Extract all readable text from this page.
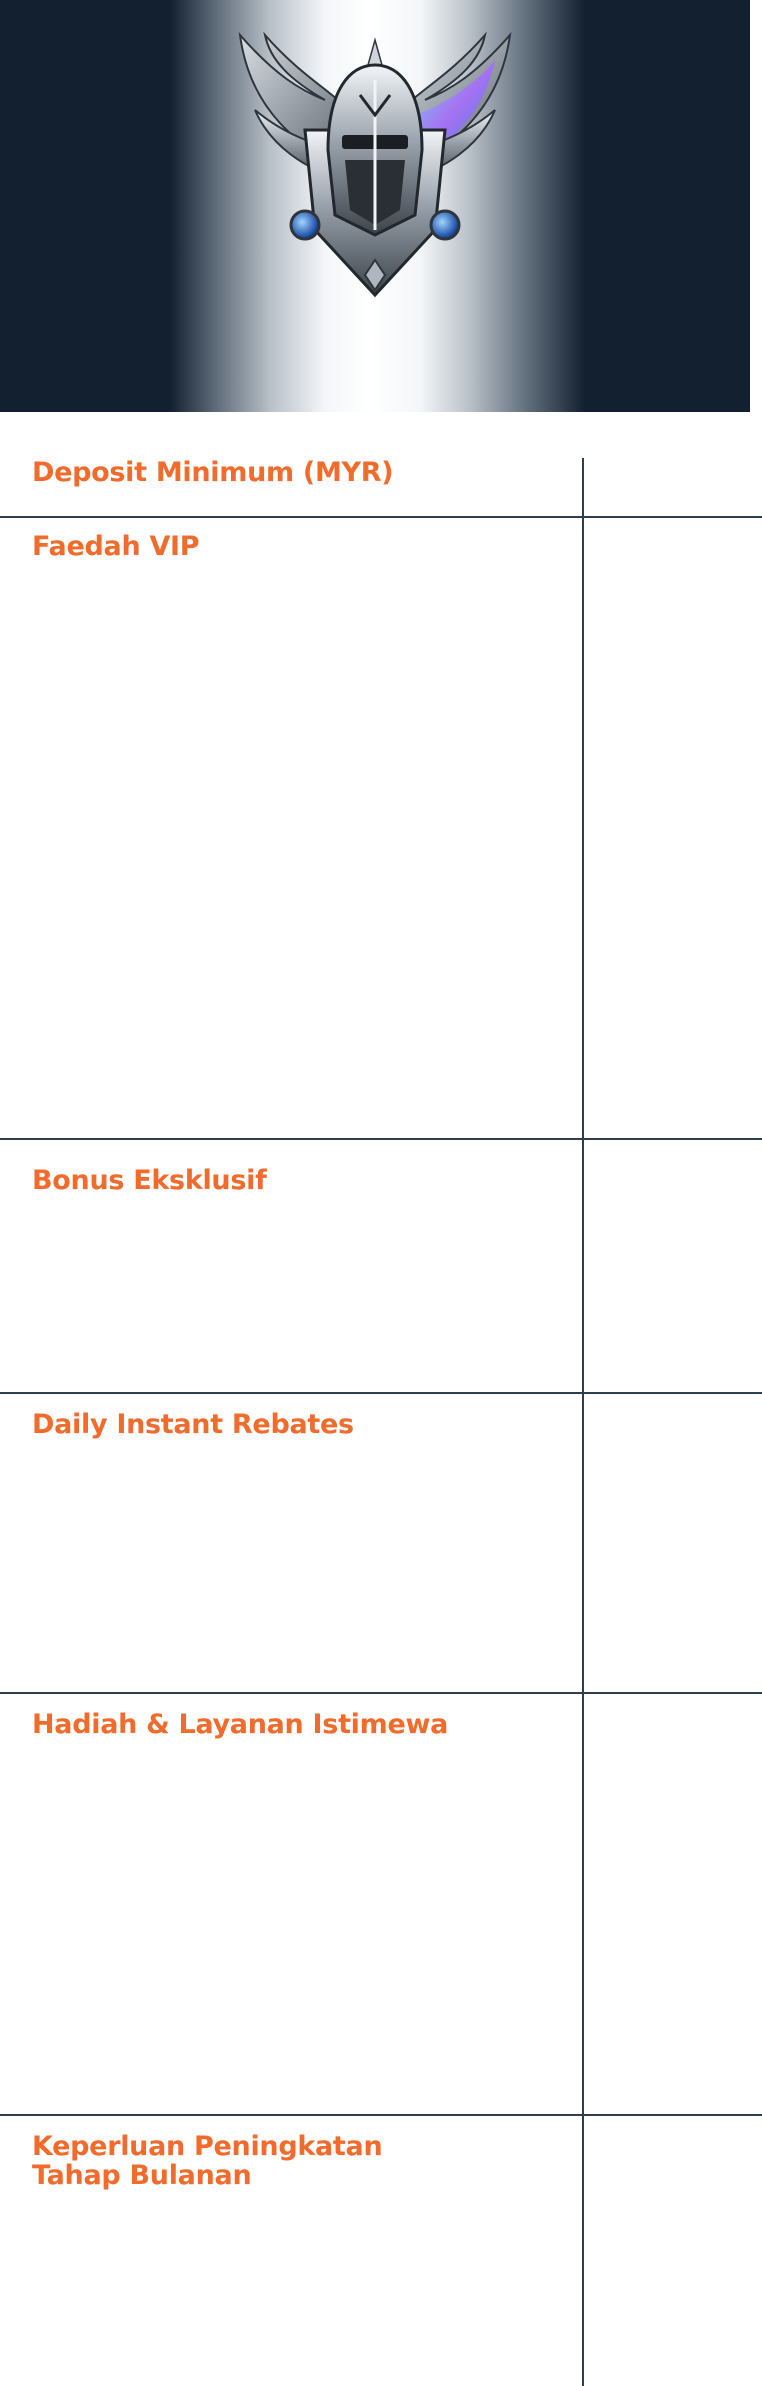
S
Deposit Minimum (MYR)
Faedah VIP
Bonus Eksklusif
Daily Instant Rebates
Hadiah & Layanan Istimewa
Keperluan Peningkatan Tahap Bulanan
